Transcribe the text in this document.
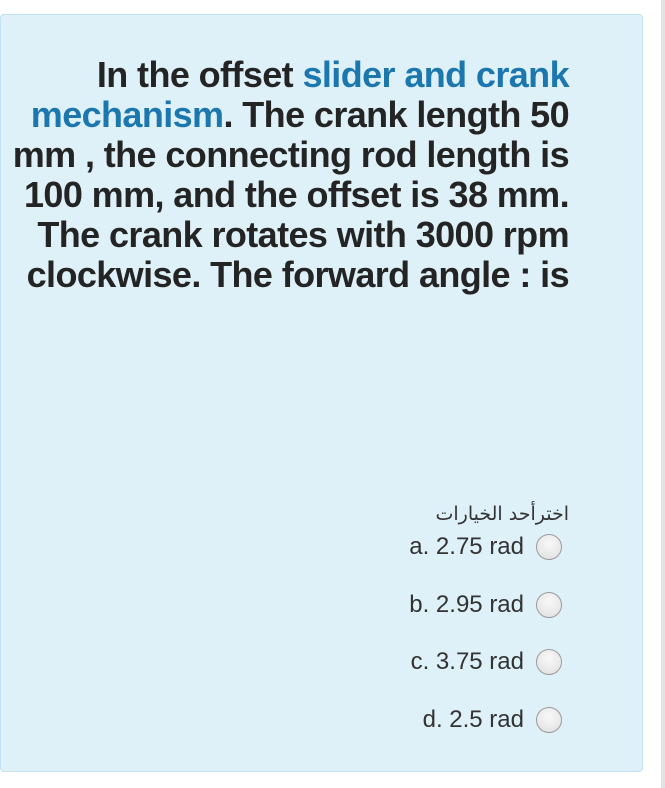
In the offset slider and crank
mechanism. The crank length 50 mm , the connecting rod length is 100 mm, and the offset is 38 mm. The crank rotates with 3000 rpm clockwise. The forward angle : is

اخترأحد الخيارات
a. 2.75 rad
b. 2.95 rad
c. 3.75 rad
d. 2.5 rad
